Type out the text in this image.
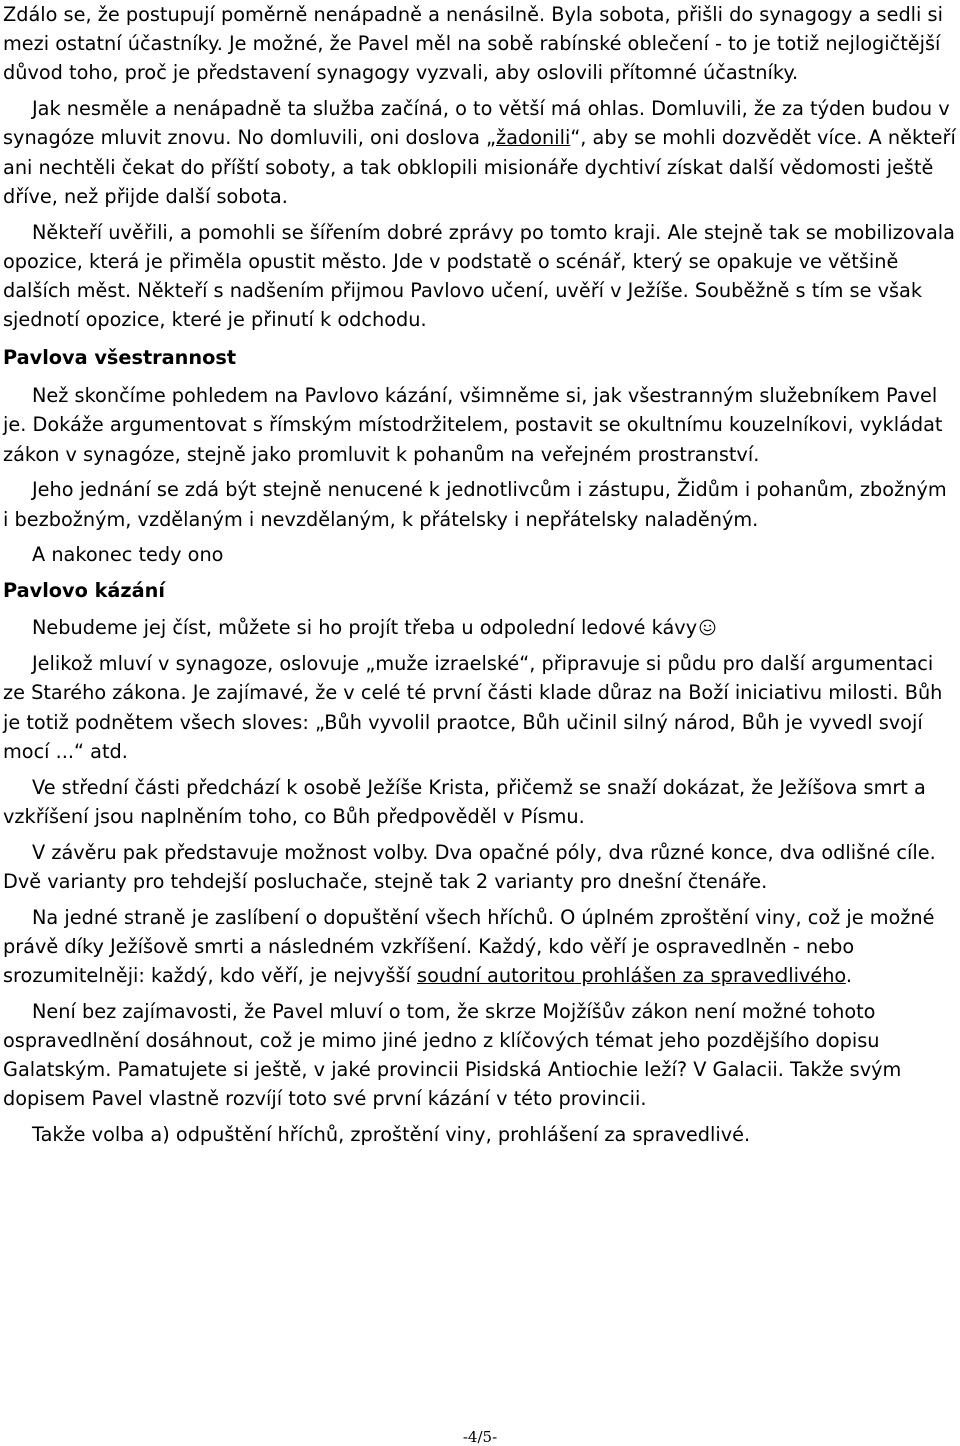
Zdálo se, že postupují poměrně nenápadně a nenásilně. Byla sobota, přišli do synagogy a sedli si mezi ostatní účastníky. Je možné, že Pavel měl na sobě rabínské oblečení - to je totiž nejlogičtější důvod toho, proč je představení synagogy vyzvali, aby oslovili přítomné účastníky.

Jak nesměle a nenápadně ta služba začíná, o to větší má ohlas. Domluvili, že za týden budou v synagóze mluvit znovu. No domluvili, oni doslova „žadonili“, aby se mohli dozvědět více. A někteří ani nechtěli čekat do příští soboty, a tak obklopili misionáře dychtiví získat další vědomosti ještě dříve, než přijde další sobota.

Někteří uvěřili, a pomohli se šířením dobré zprávy po tomto kraji. Ale stejně tak se mobilizovala opozice, která je přiměla opustit město. Jde v podstatě o scénář, který se opakuje ve většině dalších měst. Někteří s nadšením přijmou Pavlovo učení, uvěří v Ježíše. Souběžně s tím se však sjednotí opozice, které je přinutí k odchodu.

Pavlova všestrannost

Než skončíme pohledem na Pavlovo kázání, všimněme si, jak všestranným služebníkem Pavel je. Dokáže argumentovat s římským místodržitelem, postavit se okultnímu kouzelníkovi, vykládat zákon v synagóze, stejně jako promluvit k pohanům na veřejném prostranství.

Jeho jednání se zdá být stejně nenucené k jednotlivcům i zástupu, Židům i pohanům, zbožným i bezbožným, vzdělaným i nevzdělaným, k přátelsky i nepřátelsky naladěným.

A nakonec tedy ono

Pavlovo kázání

Nebudeme jej číst, můžete si ho projít třeba u odpolední ledové kávy

Jelikož mluví v synagoze, oslovuje „muže izraelské“, připravuje si půdu pro další argumentaci ze Starého zákona. Je zajímavé, že v celé té první části klade důraz na Boží iniciativu milosti. Bůh je totiž podnětem všech sloves: „Bůh vyvolil praotce, Bůh učinil silný národ, Bůh je vyvedl svojí mocí ...“ atd.

Ve střední části předchází k osobě Ježíše Krista, přičemž se snaží dokázat, že Ježíšova smrt a vzkříšení jsou naplněním toho, co Bůh předpověděl v Písmu.

V závěru pak představuje možnost volby. Dva opačné póly, dva různé konce, dva odlišné cíle. Dvě varianty pro tehdejší posluchače, stejně tak 2 varianty pro dnešní čtenáře.

Na jedné straně je zaslíbení o dopuštění všech hříchů. O úplném zproštění viny, což je možné právě díky Ježíšově smrti a následném vzkříšení. Každý, kdo věří je ospravedlněn - nebo srozumitelněji: každý, kdo věří, je nejvyšší soudní autoritou prohlášen za spravedlivého.

Není bez zajímavosti, že Pavel mluví o tom, že skrze Mojžíšův zákon není možné tohoto ospravedlnění dosáhnout, což je mimo jiné jedno z klíčových témat jeho pozdějšího dopisu Galatským. Pamatujete si ještě, v jaké provincii Pisidská Antiochie leží? V Galacii. Takže svým dopisem Pavel vlastně rozvíjí toto své první kázání v této provincii.

Takže volba a) odpuštění hříchů, zproštění viny, prohlášení za spravedlivé.

-4/5-
